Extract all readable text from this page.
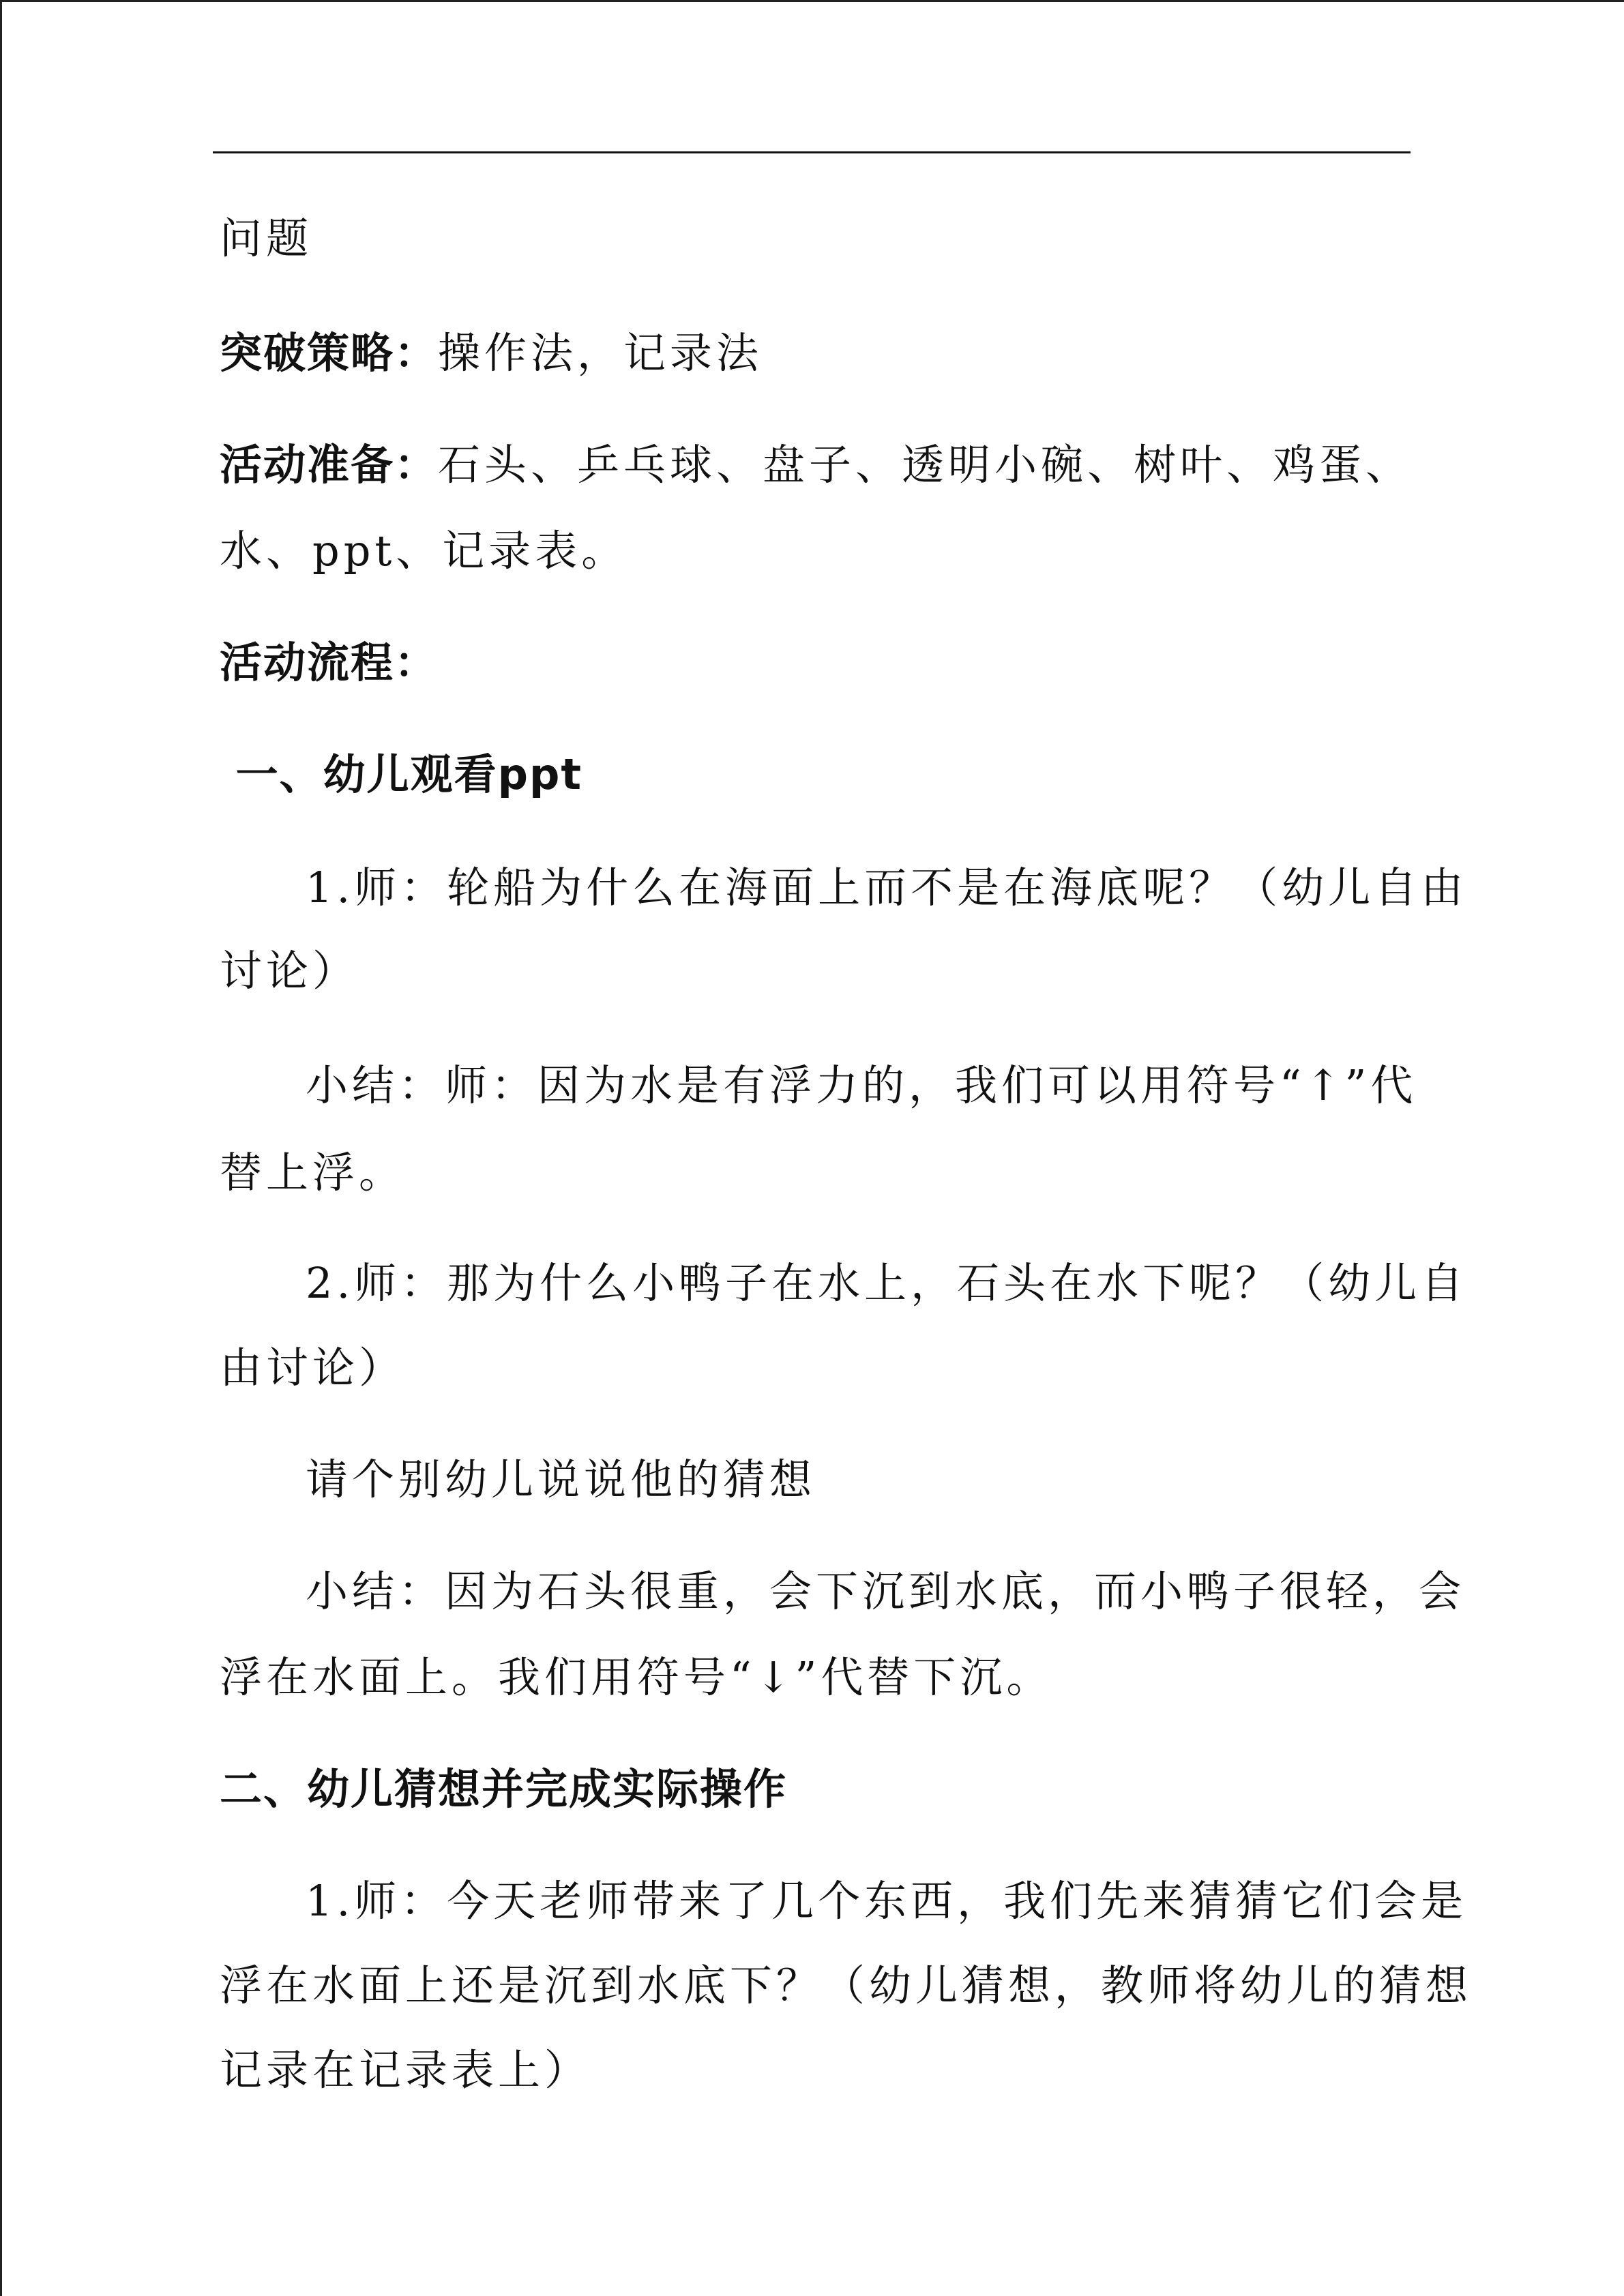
问题
突破策略：操作法，记录法
活动准备：石头、乒乓球、盘子、透明小碗、树叶、鸡蛋、
水、ppt、记录表。
活动流程：
一、幼儿观看ppt
1.师：轮船为什么在海面上而不是在海底呢？（幼儿自由
讨论）
小结：师：因为水是有浮力的，我们可以用符号“↑”代
替上浮。
2.师：那为什么小鸭子在水上，石头在水下呢？（幼儿自
由讨论）
请个别幼儿说说他的猜想
小结：因为石头很重，会下沉到水底，而小鸭子很轻，会
浮在水面上。我们用符号“↓”代替下沉。
二、幼儿猜想并完成实际操作
1.师：今天老师带来了几个东西，我们先来猜猜它们会是
浮在水面上还是沉到水底下？（幼儿猜想，教师将幼儿的猜想
记录在记录表上）
